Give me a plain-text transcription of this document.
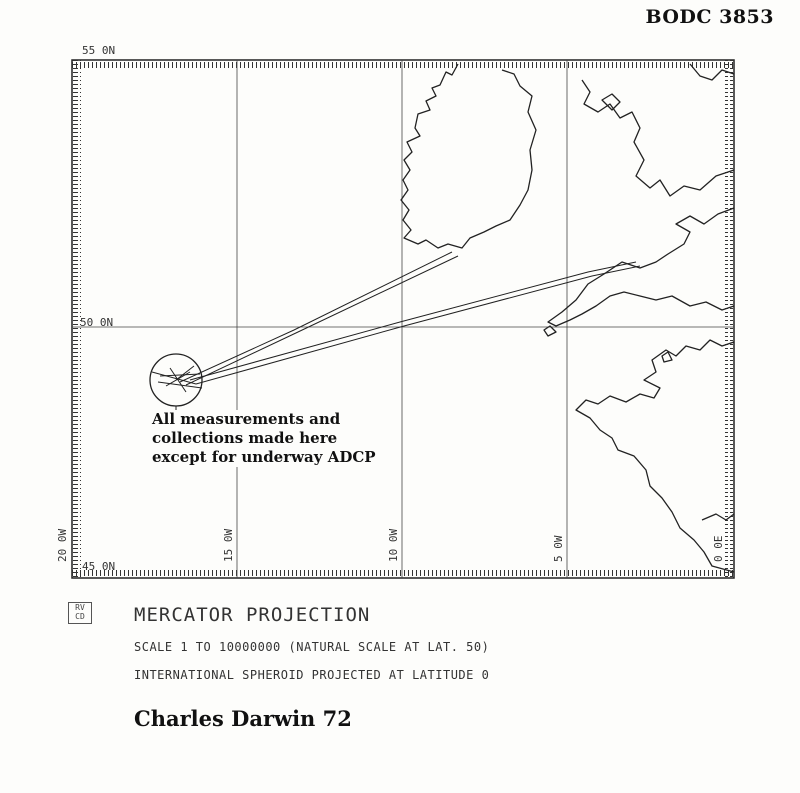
BODC 3853
55 0N
50 0N
45 0N
20 0W	15 0W	10 0W	5 0W	0 0E
All measurements and
collections made here
except for underway ADCP
RV
CD	MERCATOR PROJECTION
SCALE 1 TO 10000000 (NATURAL SCALE AT LAT. 50)
INTERNATIONAL SPHEROID PROJECTED AT LATITUDE 0
Charles Darwin 72
